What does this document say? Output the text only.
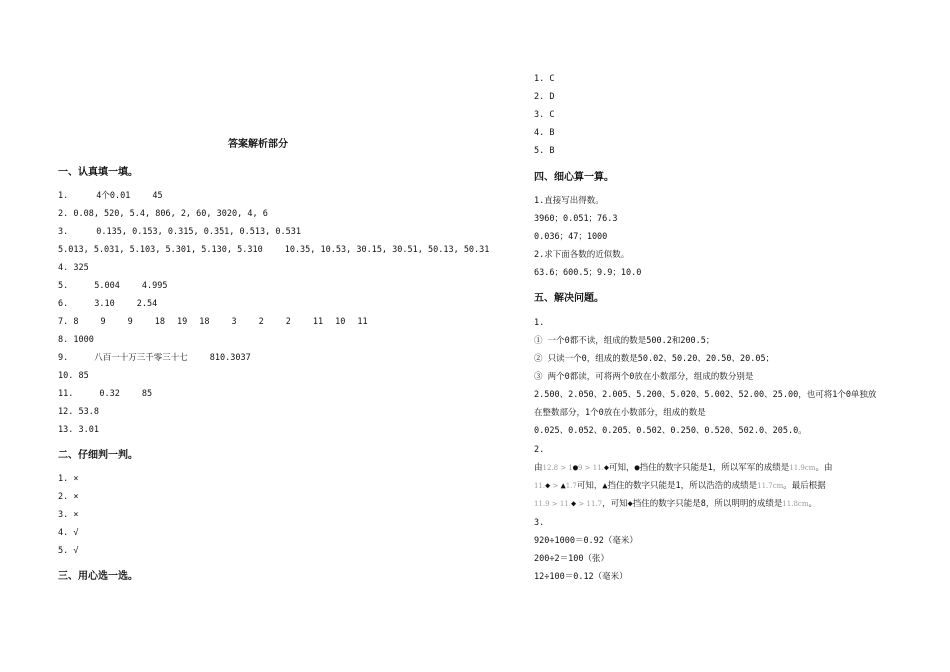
答案解析部分
一、认真填一填。
1.	4个0.01	45
2. 0.08, 520, 5.4, 806, 2, 60, 3020, 4, 6
3.	0.135, 0.153, 0.315, 0.351, 0.513, 0.531
5.013, 5.031, 5.103, 5.301, 5.130, 5.310	10.35, 10.53, 30.15, 30.51, 50.13, 50.31
4. 325
5.	5.004	4.995
6.	3.10	2.54
7. 8	9	9	18 19 18	3	2	2	11 10 11
8. 1000
9.	八百一十万三千零三十七	810.3037
10. 85
11.	0.32	85
12. 53.8
13. 3.01
二、仔细判一判。
1. ×
2. ×
3. ×
4. √
5. √
三、用心选一选。
1. C
2. D
3. C
4. B
5. B
四、细心算一算。
1.直接写出得数。
3960；0.051；76.3
0.036；47；1000
2.求下面各数的近似数。
63.6；600.5；9.9；10.0
五、解决问题。
1.
① 一个0都不读，组成的数是500.2和200.5；
② 只读一个0，组成的数是50.02、50.20、20.50、20.05；
③ 两个0都读，可将两个0放在小数部分，组成的数分别是
2.500、2.050、2.005、5.200、5.020、5.002、52.00、25.00，也可将1个0单独放
在整数部分，1个0放在小数部分，组成的数是
0.025、0.052、0.205、0.502、0.250、0.520、502.0、205.0。
2.
由12.8 > 1●9 > 11.◆可知，●挡住的数字只能是1，所以军军的成绩是11.9cm。由
11.◆ > ▲1.7可知，▲挡住的数字只能是1，所以浩浩的成绩是11.7cm。最后根据
11.9 > 11.◆ > 11.7，可知◆挡住的数字只能是8，所以明明的成绩是11.8cm。
3.
920÷1000＝0.92（毫米）
200÷2＝100（张）
12÷100＝0.12（毫米）
